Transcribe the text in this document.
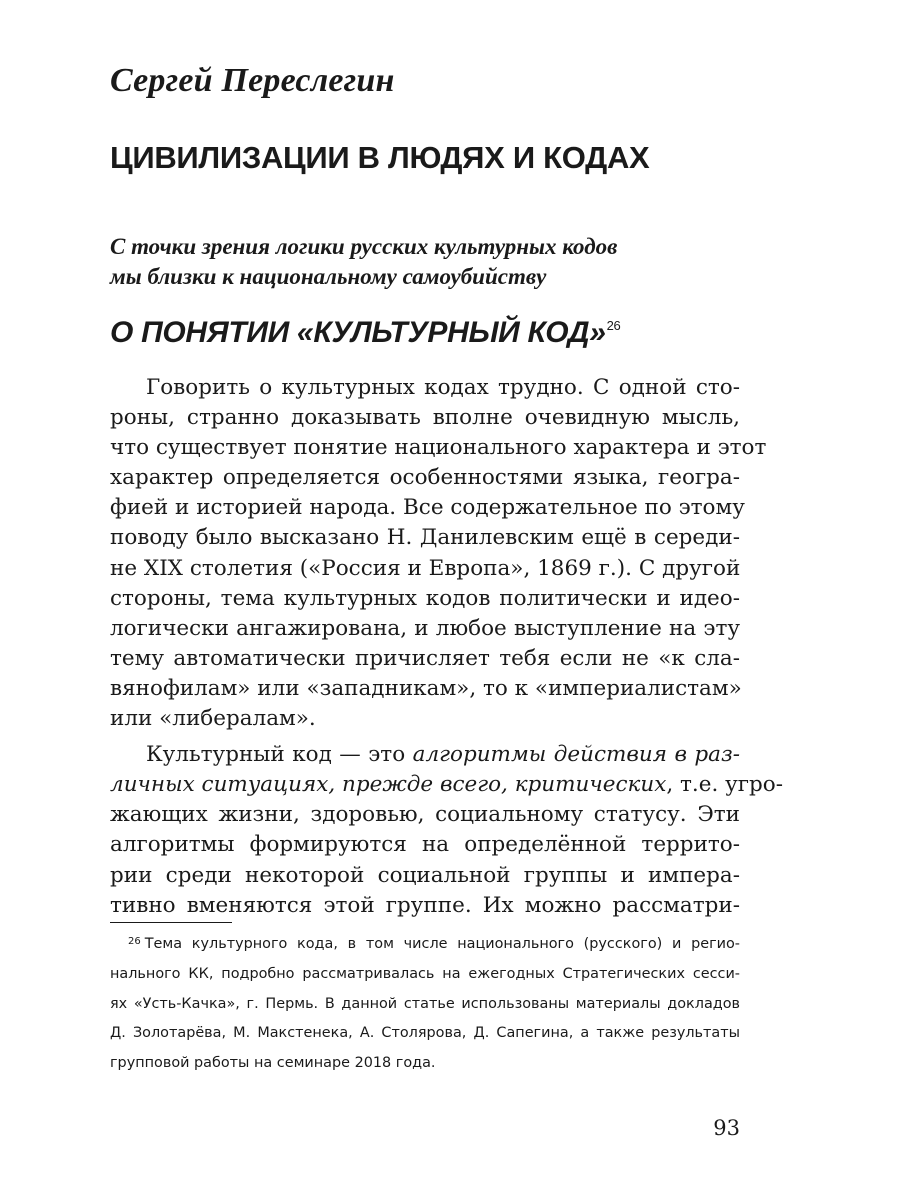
Сергей Переслегин
ЦИВИЛИЗАЦИИ В ЛЮДЯХ И КОДАХ
С точки зрения логики русских культурных кодов
мы близки к национальному самоубийству
О ПОНЯТИИ «КУЛЬТУРНЫЙ КОД»$^{26}$
Говорить о культурных кодах трудно. С одной сто-
роны, странно доказывать вполне очевидную мысль,
что существует понятие национального характера и этот
характер определяется особенностями языка, геогра-
фией и историей народа. Все содержательное по этому
поводу было высказано Н. Данилевским ещё в середи-
не XIX столетия («Россия и Европа», 1869 г.). С другой
стороны, тема культурных кодов политически и идео-
логически ангажирована, и любое выступление на эту
тему автоматически причисляет тебя если не «к сла-
вянофилам» или «западникам», то к «империалистам»
или «либералам».
Культурный код — это алгоритмы действия в раз-
личных ситуациях, прежде всего, критических, т.е. угро-
жающих жизни, здоровью, социальному статусу. Эти
алгоритмы формируются на определённой террито-
рии среди некоторой социальной группы и импера-
тивно вменяются этой группе. Их можно рассматри-
$^{26}$ Тема культурного кода, в том числе национального (русского) и регио-
нального КК, подробно рассматривалась на ежегодных Стратегических сесси-
ях «Усть-Качка», г. Пермь. В данной статье использованы материалы докладов
Д. Золотарёва, М. Макстенека, А. Столярова, Д. Сапегина, а также результаты
групповой работы на семинаре 2018 года.
93
